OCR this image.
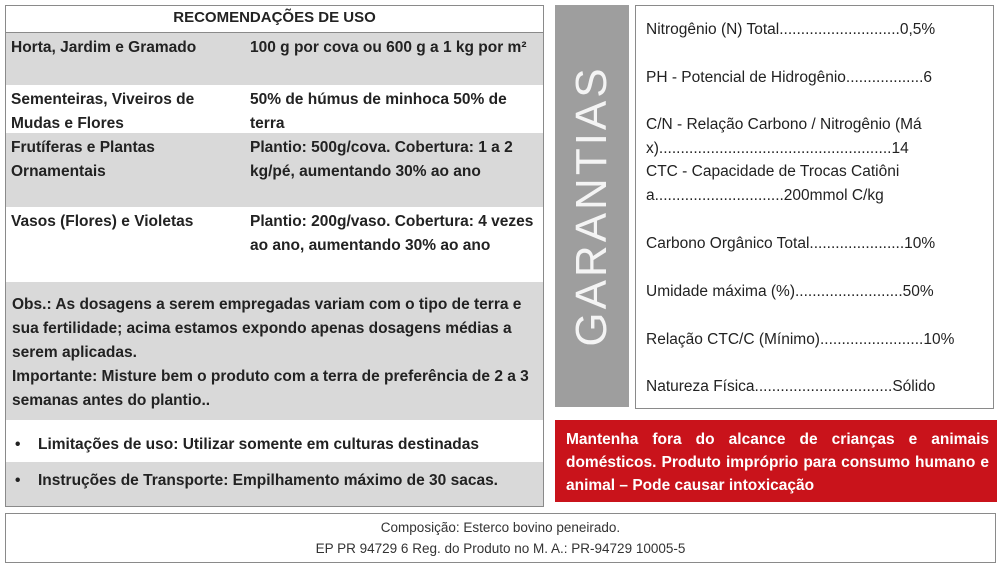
RECOMENDAÇÕES DE USO
Horta, Jardim e Gramado	100 g por cova ou 600 g a 1 kg por m²
Sementeiras, Viveiros de Mudas e Flores
50% de húmus de minhoca 50% de terra
Frutíferas e Plantas Ornamentais
Plantio: 500g/cova. Cobertura: 1 a 2 kg/pé, aumentando 30% ao ano
Vasos (Flores) e Violetas	Plantio: 200g/vaso. Cobertura: 4 vezes ao ano, aumentando 30% ao ano
Obs.: As dosagens a serem empregadas variam com o tipo de terra e sua fertilidade; acima estamos expondo apenas dosagens médias a serem aplicadas.
Importante: Misture bem o produto com a terra de preferência de 2 a 3 semanas antes do plantio..
• Limitações de uso: Utilizar somente em culturas destinadas
• Instruções de Transporte: Empilhamento máximo de 30 sacas.
GARANTIAS
Nitrogênio (N) Total............................0,5%
PH - Potencial de Hidrogênio..................6
C/N - Relação Carbono / Nitrogênio (Máx)......................................................14
CTC - Capacidade de Trocas Catiônia..............................200mmol C/kg
Carbono Orgânico Total......................10%
Umidade máxima (%).........................50%
Relação CTC/C (Mínimo)........................10%
Natureza Física................................Sólido
Mantenha fora do alcance de crianças e animais domésticos. Produto impróprio para consumo humano e animal – Pode causar intoxicação
Composição: Esterco bovino peneirado.
EP PR 94729 6 Reg. do Produto no M. A.: PR-94729 10005-5
